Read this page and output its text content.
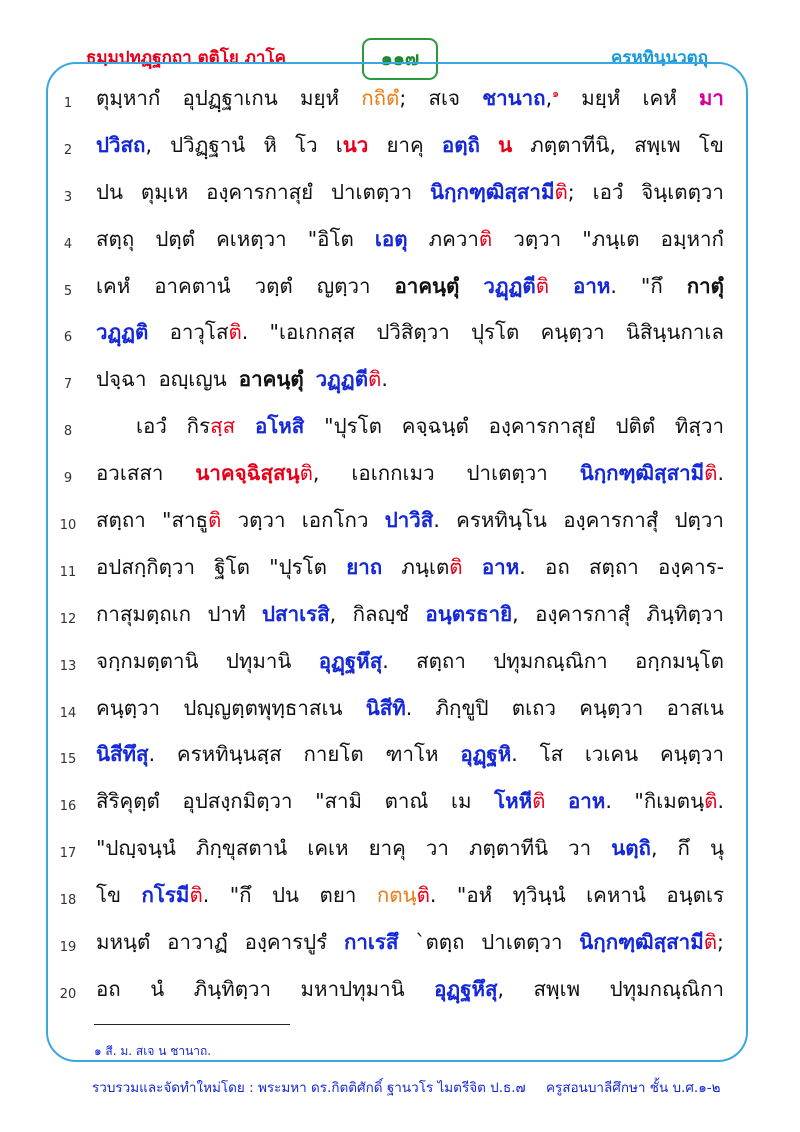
ธมฺมปทฏฺฐกถา ตติโย ภาโค	๑๑๗	ครหทินฺนวตฺถุ
1	ตุมฺหากํ อุปฏฺฐาเกน มยฺหํ กถิตํ; สเจ ชานาถ,$^๑$ มยฺหํ เคหํ มา
2	ปวิสถ, ปวิฏฺฐานํ หิ โว เนว ยาคุ อตฺถิ น ภตฺตาทีนิ, สพฺเพ โข
3	ปน ตุมฺเห องฺคารกาสุยํ ปาเตตฺวา นิกฺกฑฺฒิสฺสามีติ; เอวํ จินฺเตตฺวา
4	สตฺถุ ปตฺตํ คเหตฺวา "อิโต เอตุ ภควาติ วตฺวา "ภนฺเต อมฺหากํ
5	เคหํ อาคตานํ วตฺตํ ญตฺวา อาคนฺตุํ วฏฺฏตีติ อาห. "กึ กาตุํ
6	วฏฺฏติ อาวุโสติ. "เอเกกสฺส ปวิสิตฺวา ปุรโต คนฺตฺวา นิสินฺนกาเล
7	ปจฺฉา อญฺเญน อาคนฺตุํ วฏฺฏตีติ.
8	เอวํ กิรสฺส อโหสิ "ปุรโต คจฺฉนฺตํ องฺคารกาสุยํ ปติตํ ทิสฺวา
9	อวเสสา นาคจฺฉิสฺสนฺติ, เอเกกเมว ปาเตตฺวา นิกฺกฑฺฒิสฺสามีติ.
10 สตฺถา "สาธูติ วตฺวา เอกโกว ปาวิสิ. ครหทินฺโน องฺคารกาสุํ ปตฺวา
11 อปสกฺกิตฺวา ฐิโต "ปุรโต ยาถ ภนฺเตติ อาห. อถ สตฺถา องฺคาร-
12 กาสุมตฺถเก ปาทํ ปสาเรสิ, กิลญฺชํ อนฺตรธายิ, องฺคารกาสุํ ภินฺทิตฺวา
13 จกฺกมตฺตานิ ปทุมานิ อุฏฺฐหึสุ. สตฺถา ปทุมกณฺณิกา อกฺกมนฺโต
14 คนฺตฺวา ปญฺญตฺตพุทฺธาสเน นิสีทิ. ภิกฺขูปิ ตเถว คนฺตฺวา อาสเน
15 นิสีทึสุ. ครหทินฺนสฺส กายโต ฑาโห อุฏฺฐหิ. โส เวเคน คนฺตฺวา
16 สิริคุตฺตํ อุปสงฺกมิตฺวา "สามิ ตาณํ เม โหหีติ อาห. "กิเมตนฺติ.
17 "ปญฺจนฺนํ ภิกฺขุสตานํ เคเห ยาคุ วา ภตฺตาทีนิ วา นตฺถิ, กึ นุ
18 โข กโรมีติ. "กึ ปน ตยา กตนฺติ. "อหํ ทฺวินฺนํ เคหานํ อนฺตเร
19 มหนฺตํ อาวาฏํ องฺคารปูรํ กาเรสึ `ตตฺถ ปาเตตฺวา นิกฺกฑฺฒิสฺสามีติ;
20 อถ นํ ภินฺทิตฺวา มหาปทุมานิ อุฏฺฐหึสุ, สพฺเพ ปทุมกณฺณิกา
๑ สี. ม. สเจ น ชานาถ.
รวบรวมและจัดทำใหม่โดย : พระมหา ดร.กิตติศักดิ์ ฐานวโร ไมตรีจิต ป.ธ.๗ ครูสอนบาลีศึกษา ชั้น บ.ศ.๑-๒
